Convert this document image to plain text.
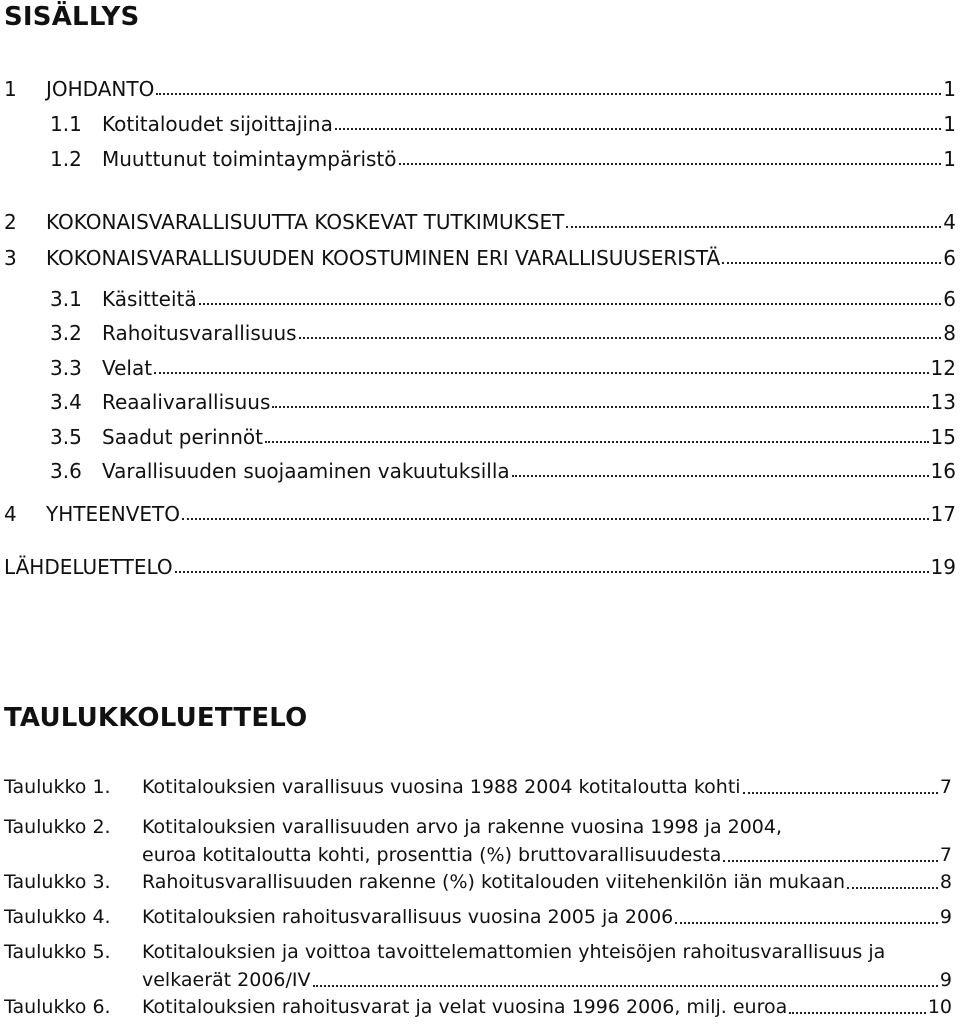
SISÄLLYS
1	JOHDANTO	1
1.1	Kotitaloudet sijoittajina	1
1.2	Muuttunut toimintaympäristö	1
2	KOKONAISVARALLISUUTTA KOSKEVAT TUTKIMUKSET	4
3	KOKONAISVARALLISUUDEN KOOSTUMINEN ERI VARALLISUUSERISTÄ	6
3.1	Käsitteitä	6
3.2	Rahoitusvarallisuus	8
3.3	Velat	12
3.4	Reaalivarallisuus	13
3.5	Saadut perinnöt	15
3.6	Varallisuuden suojaaminen vakuutuksilla	16
4	YHTEENVETO	17
LÄHDELUETTELO	19
TAULUKKOLUETTELO
Taulukko 1. Kotitalouksien varallisuus vuosina 1988 2004 kotitaloutta kohti	7
Taulukko 2. Kotitalouksien varallisuuden arvo ja rakenne vuosina 1998 ja 2004,
euroa kotitaloutta kohti, prosenttia (%) bruttovarallisuudesta	7
Taulukko 3. Rahoitusvarallisuuden rakenne (%) kotitalouden viitehenkilön iän mukaan	8
Taulukko 4. Kotitalouksien rahoitusvarallisuus vuosina 2005 ja 2006	9
Taulukko 5. Kotitalouksien ja voittoa tavoittelemattomien yhteisöjen rahoitusvarallisuus ja
velkaerät 2006/IV	9
Taulukko 6. Kotitalouksien rahoitusvarat ja velat vuosina 1996 2006, milj. euroa	10
